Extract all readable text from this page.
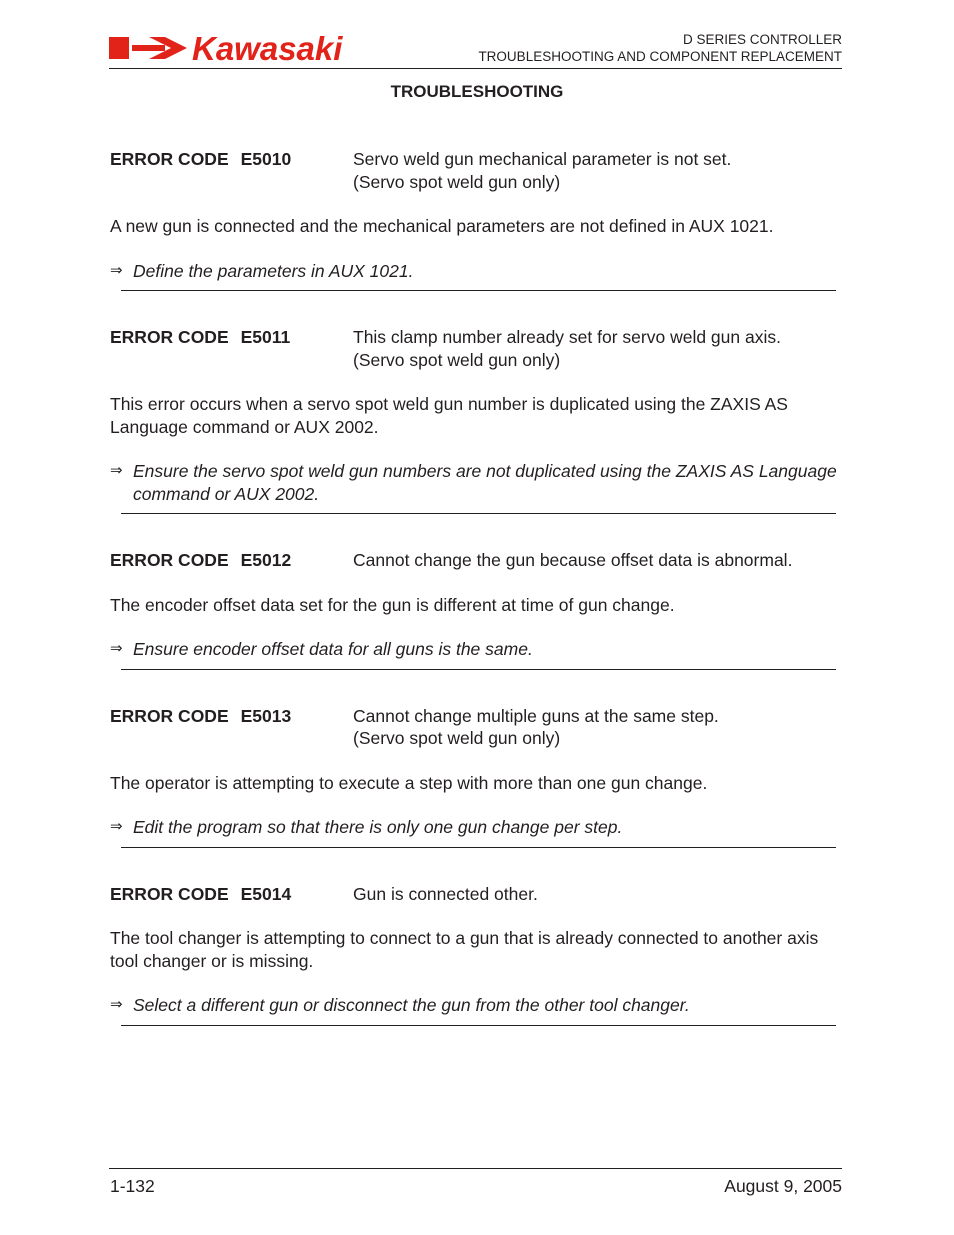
Kawasaki	D SERIES CONTROLLER
TROUBLESHOOTING AND COMPONENT REPLACEMENT
TROUBLESHOOTING
ERROR CODE E5010	Servo weld gun mechanical parameter is not set.
(Servo spot weld gun only)
A new gun is connected and the mechanical parameters are not defined in AUX 1021.
⇒ Define the parameters in AUX 1021.
ERROR CODE E5011	This clamp number already set for servo weld gun axis.
(Servo spot weld gun only)
This error occurs when a servo spot weld gun number is duplicated using the ZAXIS AS Language command or AUX 2002.
⇒ Ensure the servo spot weld gun numbers are not duplicated using the ZAXIS AS Language command or AUX 2002.
ERROR CODE E5012	Cannot change the gun because offset data is abnormal.
The encoder offset data set for the gun is different at time of gun change.
⇒ Ensure encoder offset data for all guns is the same.
ERROR CODE E5013	Cannot change multiple guns at the same step.
(Servo spot weld gun only)
The operator is attempting to execute a step with more than one gun change.
⇒ Edit the program so that there is only one gun change per step.
ERROR CODE E5014	Gun is connected other.
The tool changer is attempting to connect to a gun that is already connected to another axis tool changer or is missing.
⇒ Select a different gun or disconnect the gun from the other tool changer.
1-132	August 9, 2005
